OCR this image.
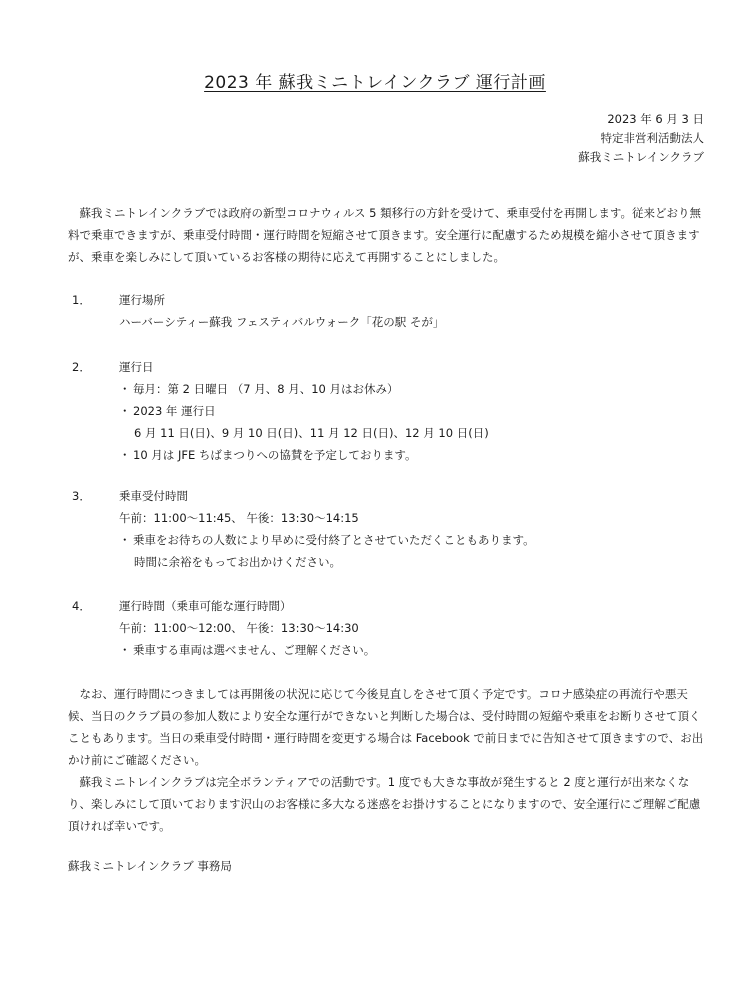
2023 年 蘇我ミニトレインクラブ 運行計画
2023 年 6 月 3 日
特定非営利活動法人
蘇我ミニトレインクラブ

蘇我ミニトレインクラブでは政府の新型コロナウィルス 5 類移行の方針を受けて、乗車受付を再開します。従来どおり無料で乗車できますが、乗車受付時間・運行時間を短縮させて頂きます。安全運行に配慮するため規模を縮小させて頂きますが、乗車を楽しみにして頂いているお客様の期待に応えて再開することにしました。

1．	運行場所
ハーバーシティー蘇我 フェスティバルウォーク「花の駅 そが」
2．	運行日
・ 毎月：第 2 日曜日 （7 月、8 月、10 月はお休み）
・ 2023 年 運行日
6 月 11 日(日)、9 月 10 日(日)、11 月 12 日(日)、12 月 10 日(日)
・ 10 月は JFE ちばまつりへの協賛を予定しております。
3．	乗車受付時間
午前：11:00～11:45、 午後：13:30～14:15
・ 乗車をお待ちの人数により早めに受付終了とさせていただくこともあります。
時間に余裕をもってお出かけください。
4．	運行時間（乗車可能な運行時間）
午前：11:00～12:00、 午後：13:30～14:30
・ 乗車する車両は選べません、ご理解ください。

なお、運行時間につきましては再開後の状況に応じて今後見直しをさせて頂く予定です。コロナ感染症の再流行や悪天候、当日のクラブ員の参加人数により安全な運行ができないと判断した場合は、受付時間の短縮や乗車をお断りさせて頂くこともあります。当日の乗車受付時間・運行時間を変更する場合は Facebook で前日までに告知させて頂きますので、お出かけ前にご確認ください。

蘇我ミニトレインクラブは完全ボランティアでの活動です。1 度でも大きな事故が発生すると 2 度と運行が出来なくなり、楽しみにして頂いております沢山のお客様に多大なる迷惑をお掛けすることになりますので、安全運行にご理解ご配慮頂ければ幸いです。

蘇我ミニトレインクラブ 事務局
